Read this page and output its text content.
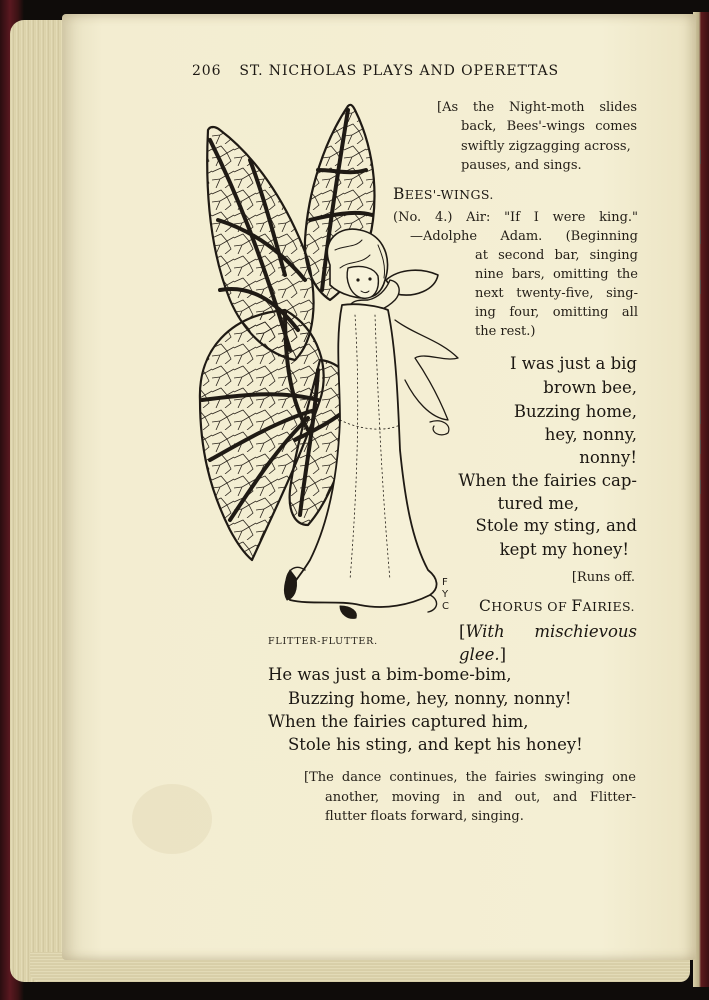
206 ST. NICHOLAS PLAYS AND OPERETTAS
[As the Night-moth slides
back, Bees'-wings comes
swiftly zigzagging across,
pauses, and sings.
BEES'-WINGS.
(No. 4.) Air: "If I were king."
—Adolphe Adam. (Beginning
at second bar, singing
nine bars, omitting the
next twenty-five, sing-
ing four, omitting all
the rest.)
I was just a big
brown bee,
Buzzing home,
hey, nonny,
nonny!
When the fairies cap-
tured me,
Stole my sting, and
kept my honey!
[Runs off.
CHORUS OF FAIRIES.
[With mischievous
glee.]
FLITTER-FLUTTER.
He was just a bim-bome-bim,
Buzzing home, hey, nonny, nonny!
When the fairies captured him,
Stole his sting, and kept his honey!
[The dance continues, the fairies swinging one
another, moving in and out, and Flitter-
flutter floats forward, singing.
F
Y
C
